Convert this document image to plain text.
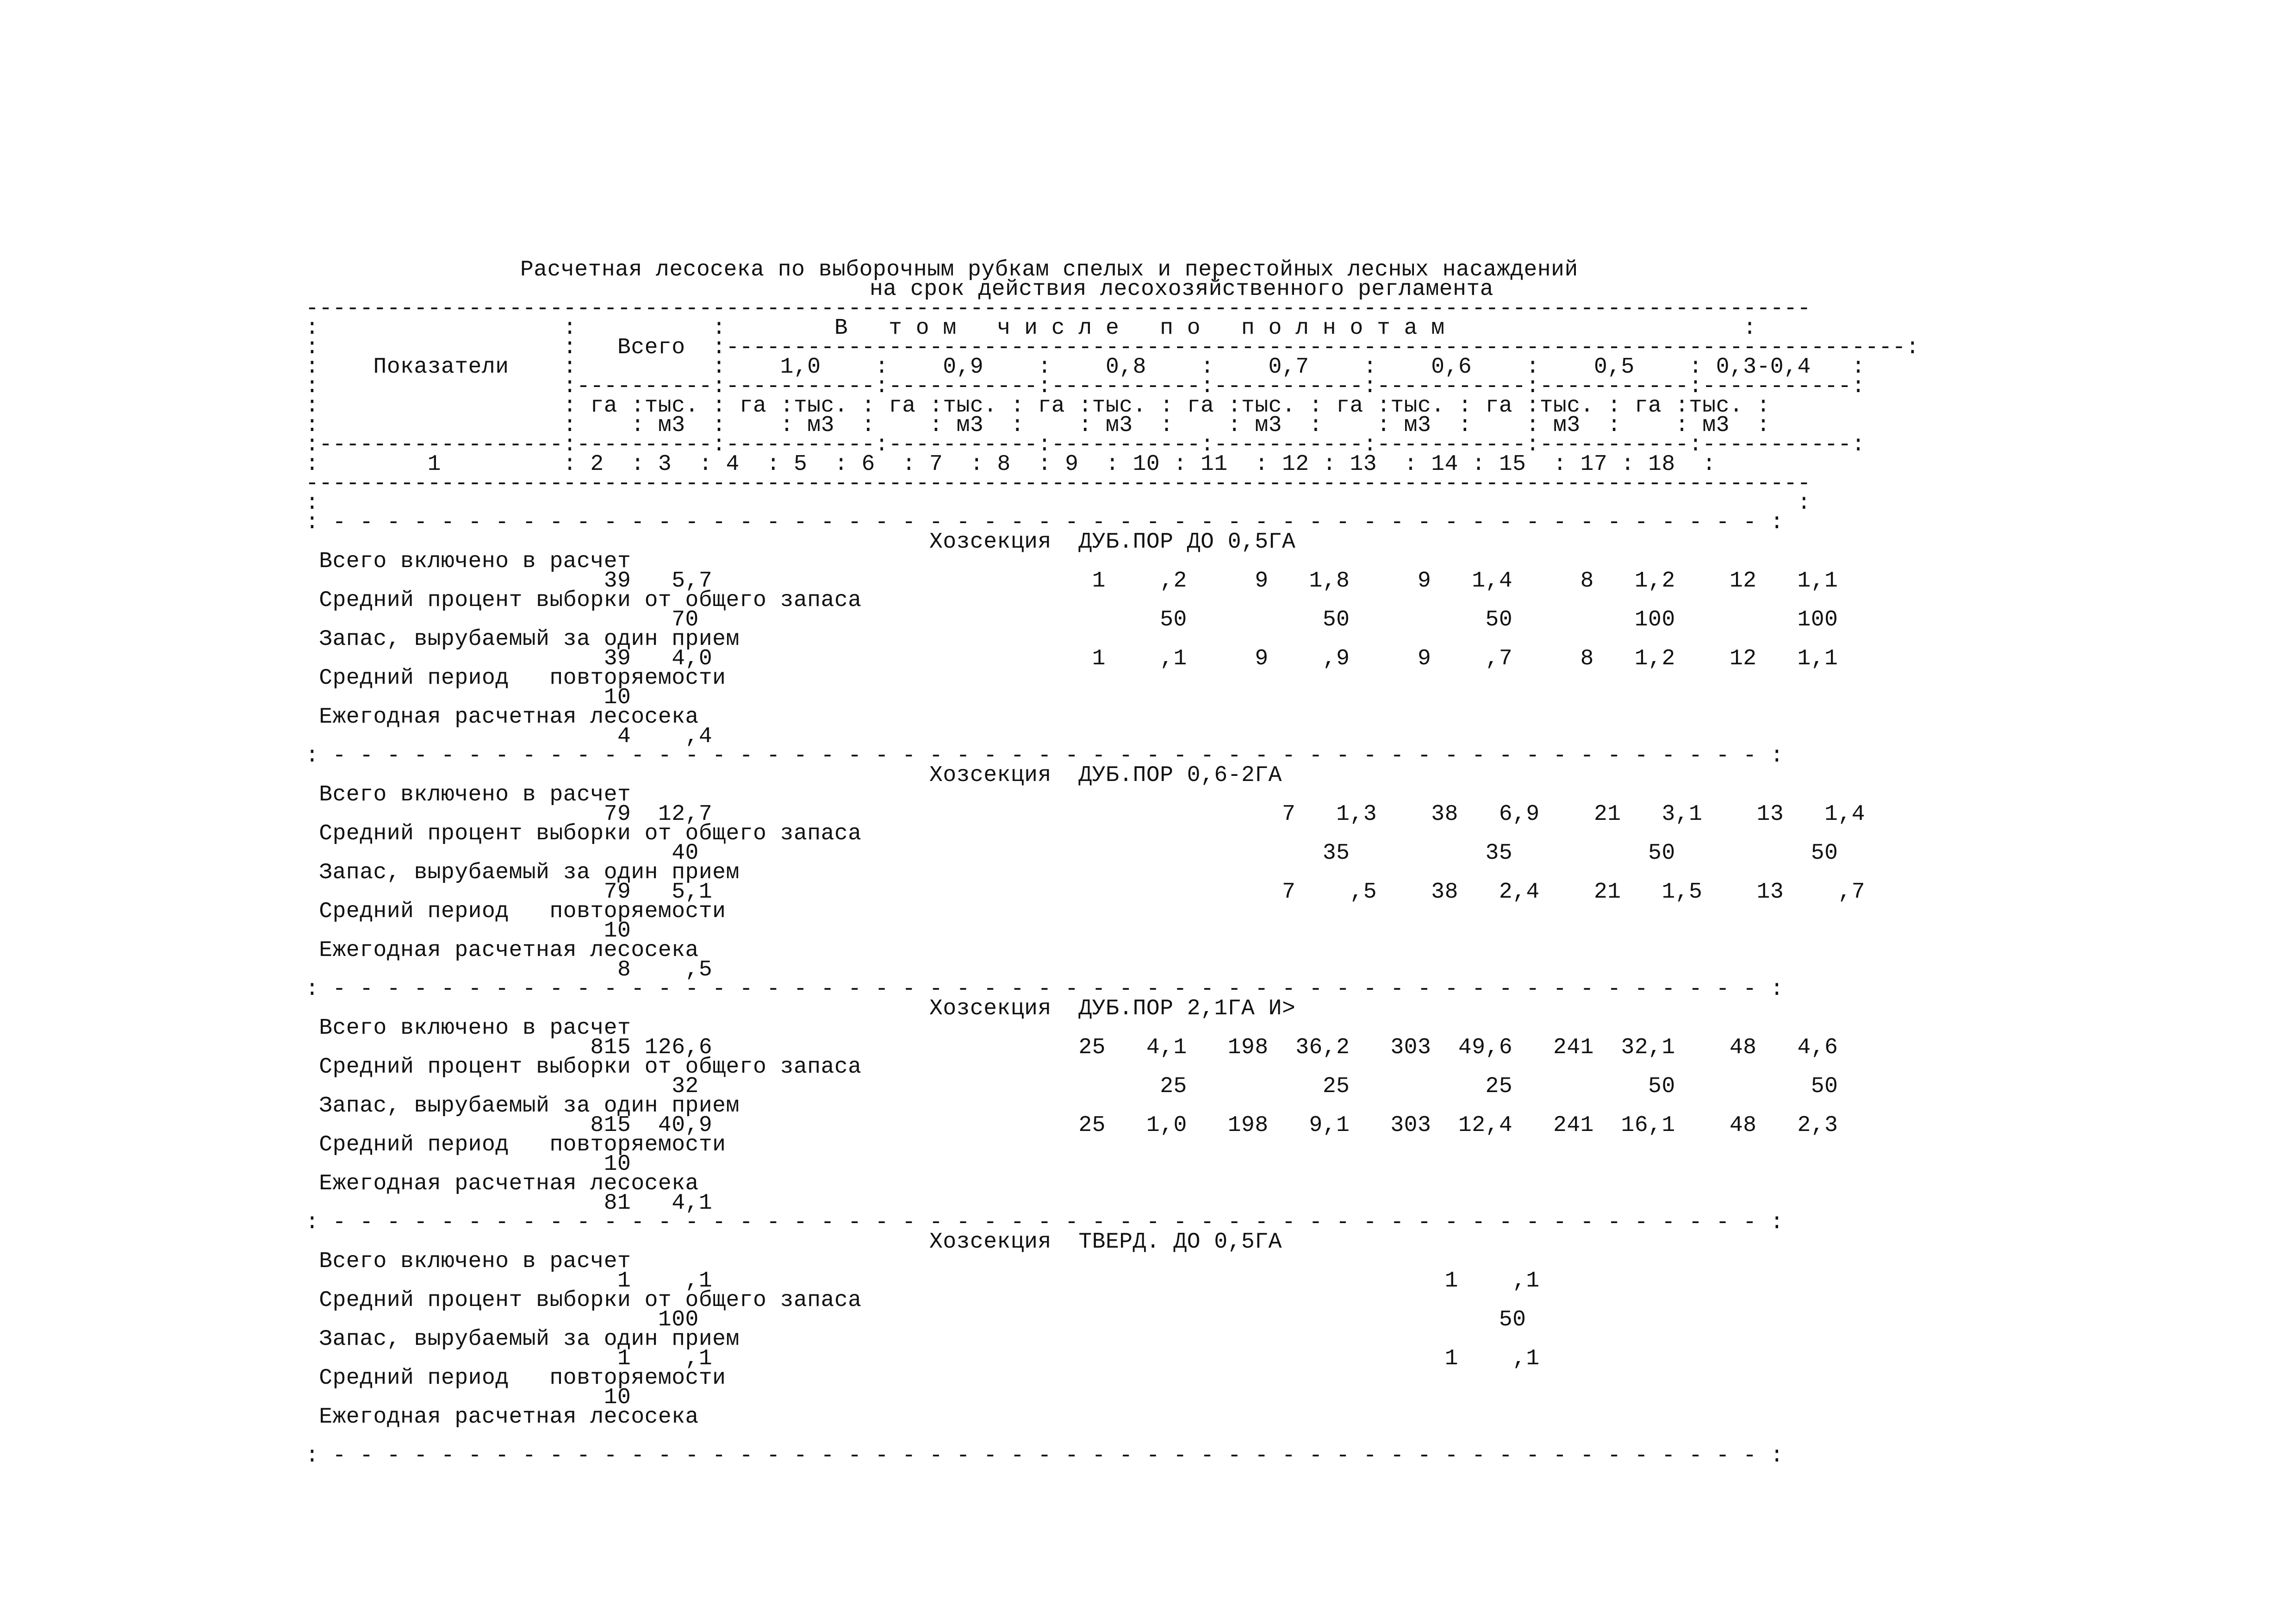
Расчетная лесосека по выборочным рубкам спелых и перестойных лесных насаждений
на срок действия лесохозяйственного регламента
---------------------------------------------------------------------------------------------------------------
:                  :          :        В   т о м   ч и с л е   п о   п о л н о т а м                      :
:                  :   Всего  :---------------------------------------------------------------------------------------:
:    Показатели    :          :    1,0    :    0,9    :    0,8    :    0,7    :    0,6    :    0,5    : 0,3-0,4   :
:                  :----------:-----------:-----------:-----------:-----------:-----------:-----------:-----------:
:                  : га :тыс. : га :тыс. : га :тыс. : га :тыс. : га :тыс. : га :тыс. : га :тыс. : га :тыс. :
:                  :    : м3  :    : м3  :    : м3  :    : м3  :    : м3  :    : м3  :    : м3  :    : м3  :
:------------------:----------:-----------:-----------:-----------:-----------:-----------:-----------:-----------:
:        1         : 2  : 3  : 4  : 5  : 6  : 7  : 8  : 9  : 10 : 11  : 12 : 13  : 14 : 15  : 17 : 18  :
---------------------------------------------------------------------------------------------------------------
:                                                                                                             :
: - - - - - - - - - - - - - - - - - - - - - - - - - - - - - - - - - - - - - - - - - - - - - - - - - - - - - :
Хозсекция  ДУБ.ПОР ДО 0,5ГА
Всего включено в расчет
39   5,7                            1    ,2     9   1,8     9   1,4     8   1,2    12   1,1
Средний процент выборки от общего запаса
70                                  50          50          50         100         100
Запас, вырубаемый за один прием
39   4,0                            1    ,1     9    ,9     9    ,7     8   1,2    12   1,1
Средний период   повторяемости
10
Ежегодная расчетная лесосека
4    ,4
: - - - - - - - - - - - - - - - - - - - - - - - - - - - - - - - - - - - - - - - - - - - - - - - - - - - - - :
Хозсекция  ДУБ.ПОР 0,6-2ГА
Всего включено в расчет
79  12,7                                          7   1,3    38   6,9    21   3,1    13   1,4
Средний процент выборки от общего запаса
40                                              35          35          50          50
Запас, вырубаемый за один прием
79   5,1                                          7    ,5    38   2,4    21   1,5    13    ,7
Средний период   повторяемости
10
Ежегодная расчетная лесосека
8    ,5
: - - - - - - - - - - - - - - - - - - - - - - - - - - - - - - - - - - - - - - - - - - - - - - - - - - - - - :
Хозсекция  ДУБ.ПОР 2,1ГА И>
Всего включено в расчет
815 126,6                           25   4,1   198  36,2   303  49,6   241  32,1    48   4,6
Средний процент выборки от общего запаса
32                                  25          25          25          50          50
Запас, вырубаемый за один прием
815  40,9                           25   1,0   198   9,1   303  12,4   241  16,1    48   2,3
Средний период   повторяемости
10
Ежегодная расчетная лесосека
81   4,1
: - - - - - - - - - - - - - - - - - - - - - - - - - - - - - - - - - - - - - - - - - - - - - - - - - - - - - :
Хозсекция  ТВЕРД. ДО 0,5ГА
Всего включено в расчет
1    ,1                                                      1    ,1
Средний процент выборки от общего запаса
100                                                           50
Запас, вырубаемый за один прием
1    ,1                                                      1    ,1
Средний период   повторяемости
10
Ежегодная расчетная лесосека
: - - - - - - - - - - - - - - - - - - - - - - - - - - - - - - - - - - - - - - - - - - - - - - - - - - - - - :
